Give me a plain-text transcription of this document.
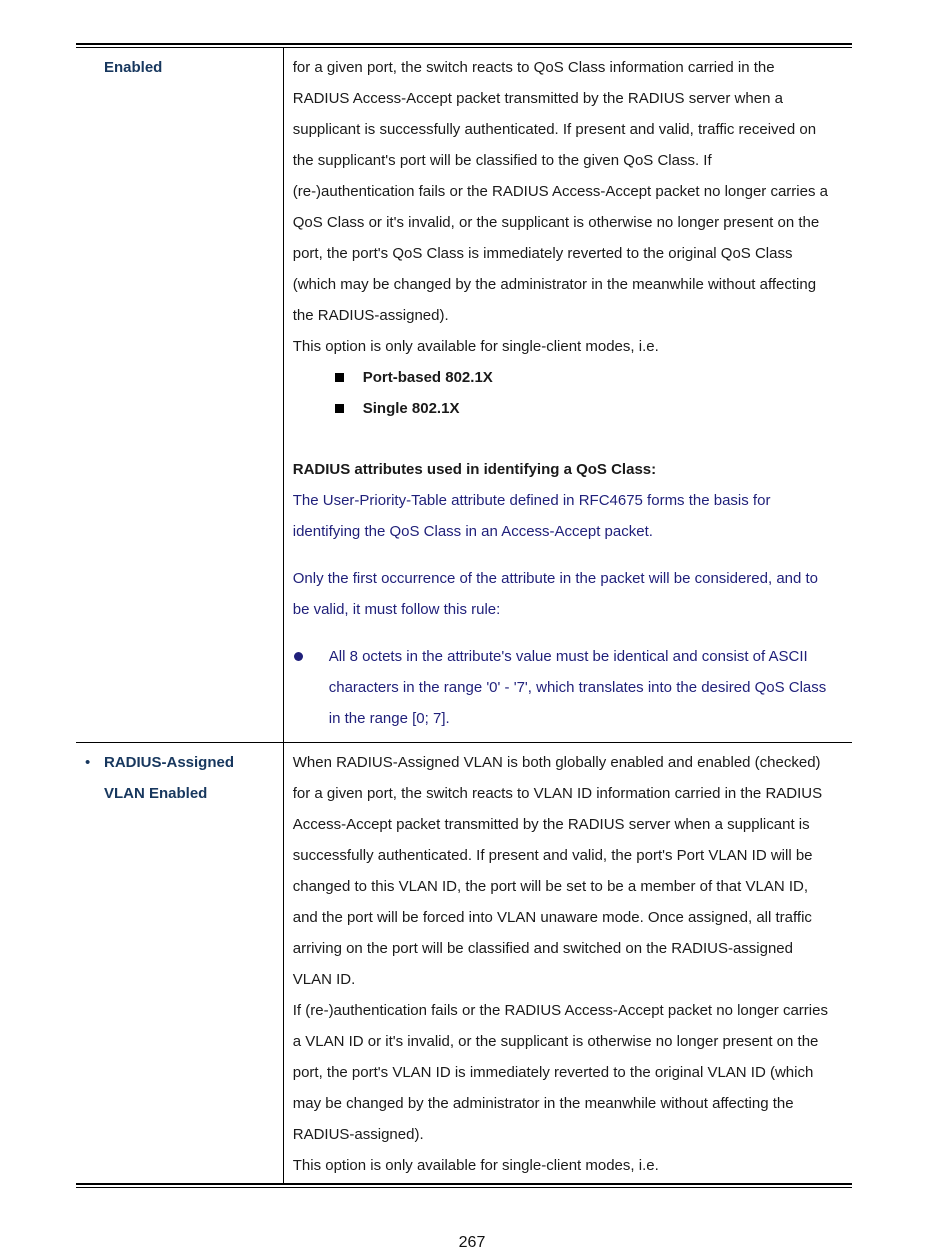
Enabled	for a given port, the switch reacts to QoS Class information carried in the

RADIUS Access-Accept packet transmitted by the RADIUS server when a

supplicant is successfully authenticated. If present and valid, traffic received on

the supplicant's port will be classified to the given QoS Class. If

(re-)authentication fails or the RADIUS Access-Accept packet no longer carries a

QoS Class or it's invalid, or the supplicant is otherwise no longer present on the

port, the port's QoS Class is immediately reverted to the original QoS Class

(which may be changed by the administrator in the meanwhile without affecting

the RADIUS-assigned).

This option is only available for single-client modes, i.e.

Port-based 802.1X
Single 802.1X

RADIUS attributes used in identifying a QoS Class:

The User-Priority-Table attribute defined in RFC4675 forms the basis for

identifying the QoS Class in an Access-Accept packet.

Only the first occurrence of the attribute in the packet will be considered, and to

be valid, it must follow this rule:

All 8 octets in the attribute's value must be identical and consist of ASCII

characters in the range '0' - '7', which translates into the desired QoS Class

in the range [0; 7].

• RADIUS-Assigned

VLAN Enabled

When RADIUS-Assigned VLAN is both globally enabled and enabled (checked)

for a given port, the switch reacts to VLAN ID information carried in the RADIUS

Access-Accept packet transmitted by the RADIUS server when a supplicant is

successfully authenticated. If present and valid, the port's Port VLAN ID will be

changed to this VLAN ID, the port will be set to be a member of that VLAN ID,

and the port will be forced into VLAN unaware mode. Once assigned, all traffic

arriving on the port will be classified and switched on the RADIUS-assigned

VLAN ID.

If (re-)authentication fails or the RADIUS Access-Accept packet no longer carries

a VLAN ID or it's invalid, or the supplicant is otherwise no longer present on the

port, the port's VLAN ID is immediately reverted to the original VLAN ID (which

may be changed by the administrator in the meanwhile without affecting the

RADIUS-assigned).

This option is only available for single-client modes, i.e.

267
